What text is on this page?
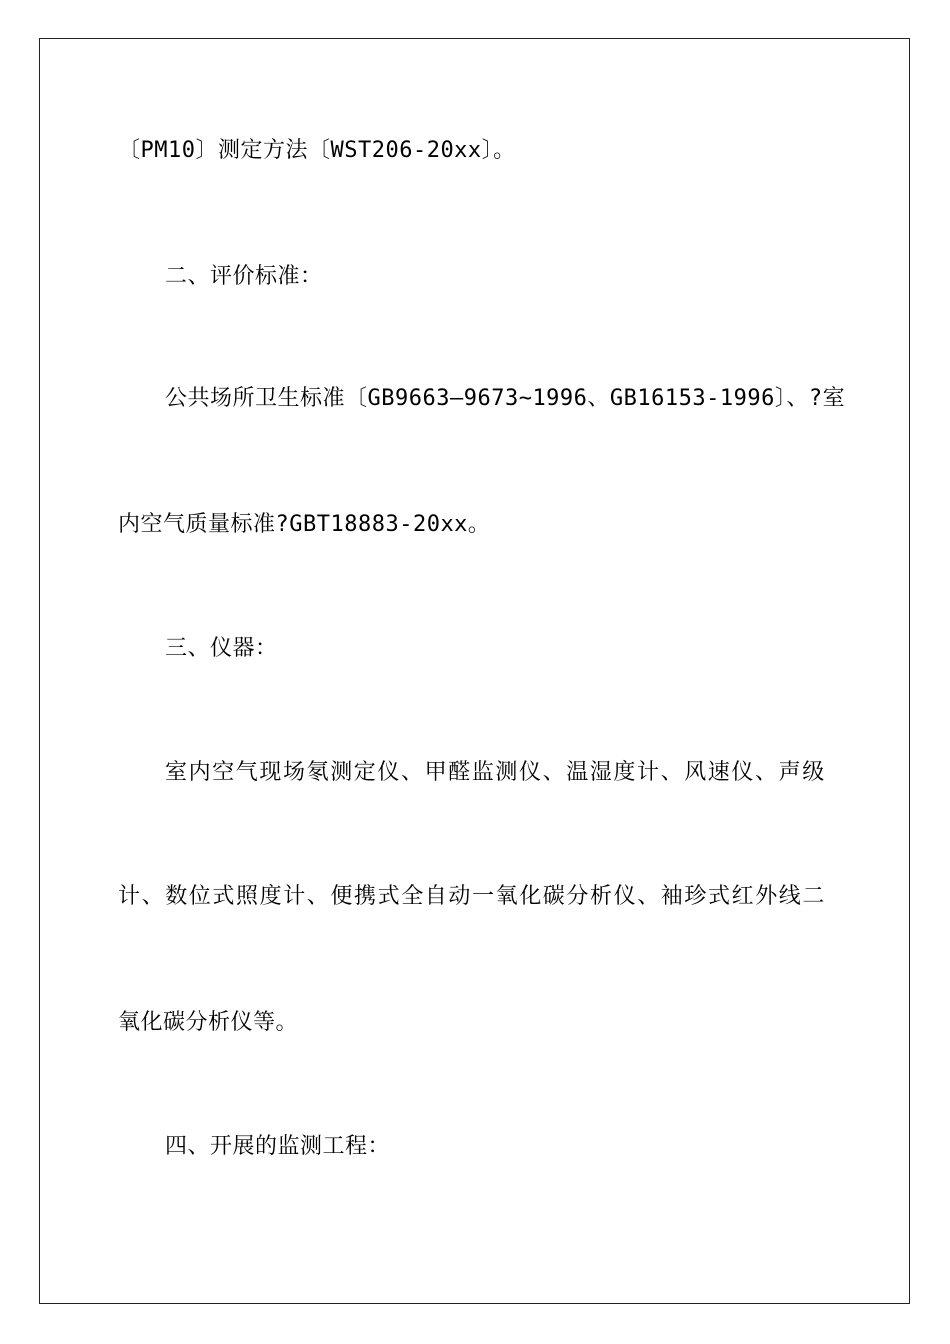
〔PM10〕测定方法〔WST206-20xx〕。
二、评价标准：
公共场所卫生标准〔GB9663—9673~1996、GB16153-1996〕、?室
内空气质量标准?GBT18883-20xx。
三、仪器：
室内空气现场氡测定仪、甲醛监测仪、温湿度计、风速仪、声级
计、数位式照度计、便携式全自动一氧化碳分析仪、袖珍式红外线二
氧化碳分析仪等。
四、开展的监测工程：
